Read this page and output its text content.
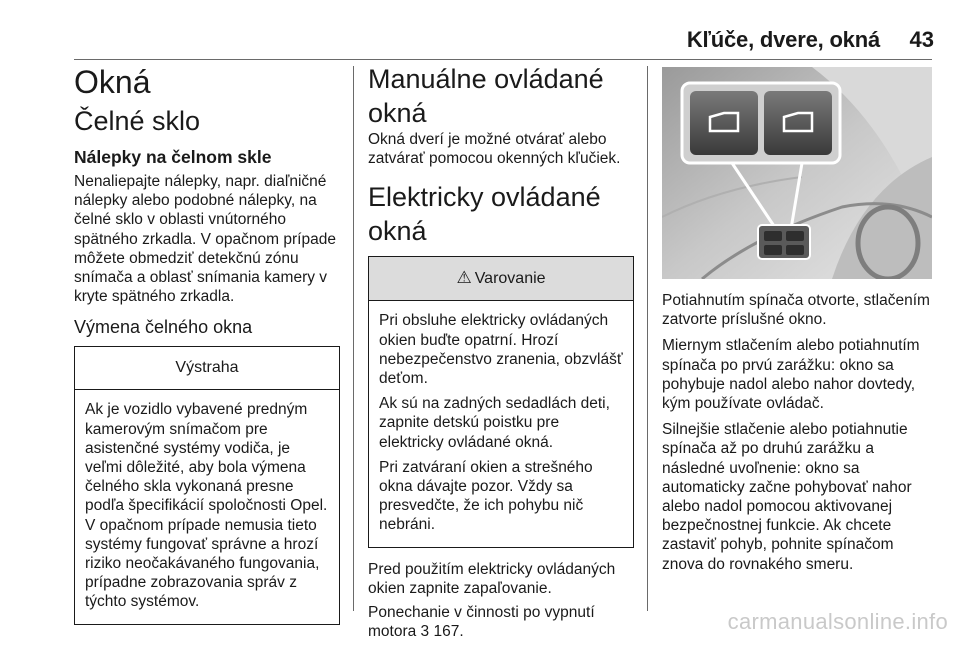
Kľúče, dvere, okná 43
Okná
Čelné sklo
Nálepky na čelnom skle

Nenaliepajte nálepky, napr. diaľničné nálepky alebo podobné nálepky, na čelné sklo v oblasti vnútorného spätného zrkadla. V opačnom prípade môžete obmedziť detekčnú zónu snímača a oblasť snímania kamery v kryte spätného zrkadla.

Výmena čelného okna
Výstraha

Ak je vozidlo vybavené predným kamerovým snímačom pre asistenčné systémy vodiča, je veľmi dôležité, aby bola výmena čelného skla vykonaná presne podľa špecifikácií spoločnosti Opel. V opačnom prípade nemusia tieto systémy fungovať správne a hrozí riziko neočakávaného fungovania, prípadne zobrazovania správ z týchto systémov.

Manuálne ovládané okná

Okná dverí je možné otvárať alebo zatvárať pomocou okenných kľučiek.

Elektricky ovládané okná
⚠ Varovanie

Pri obsluhe elektricky ovládaných okien buďte opatrní. Hrozí nebezpečenstvo zranenia, obzvlášť deťom.

Ak sú na zadných sedadlách deti, zapnite detskú poistku pre elektricky ovládané okná.

Pri zatváraní okien a strešného okna dávajte pozor. Vždy sa presvedčte, že ich pohybu nič nebráni.

Pred použitím elektricky ovládaných okien zapnite zapaľovanie.

Ponechanie v činnosti po vypnutí motora 3 167.

Potiahnutím spínača otvorte, stlačením zatvorte príslušné okno.

Miernym stlačením alebo potiahnutím spínača po prvú zarážku: okno sa pohybuje nadol alebo nahor dovtedy, kým používate ovládač.

Silnejšie stlačenie alebo potiahnutie spínača až po druhú zarážku a následné uvoľnenie: okno sa automaticky začne pohybovať nahor alebo nadol pomocou aktivovanej bezpečnostnej funkcie. Ak chcete zastaviť pohyb, pohnite spínačom znova do rovnakého smeru.

carmanualsonline.info
